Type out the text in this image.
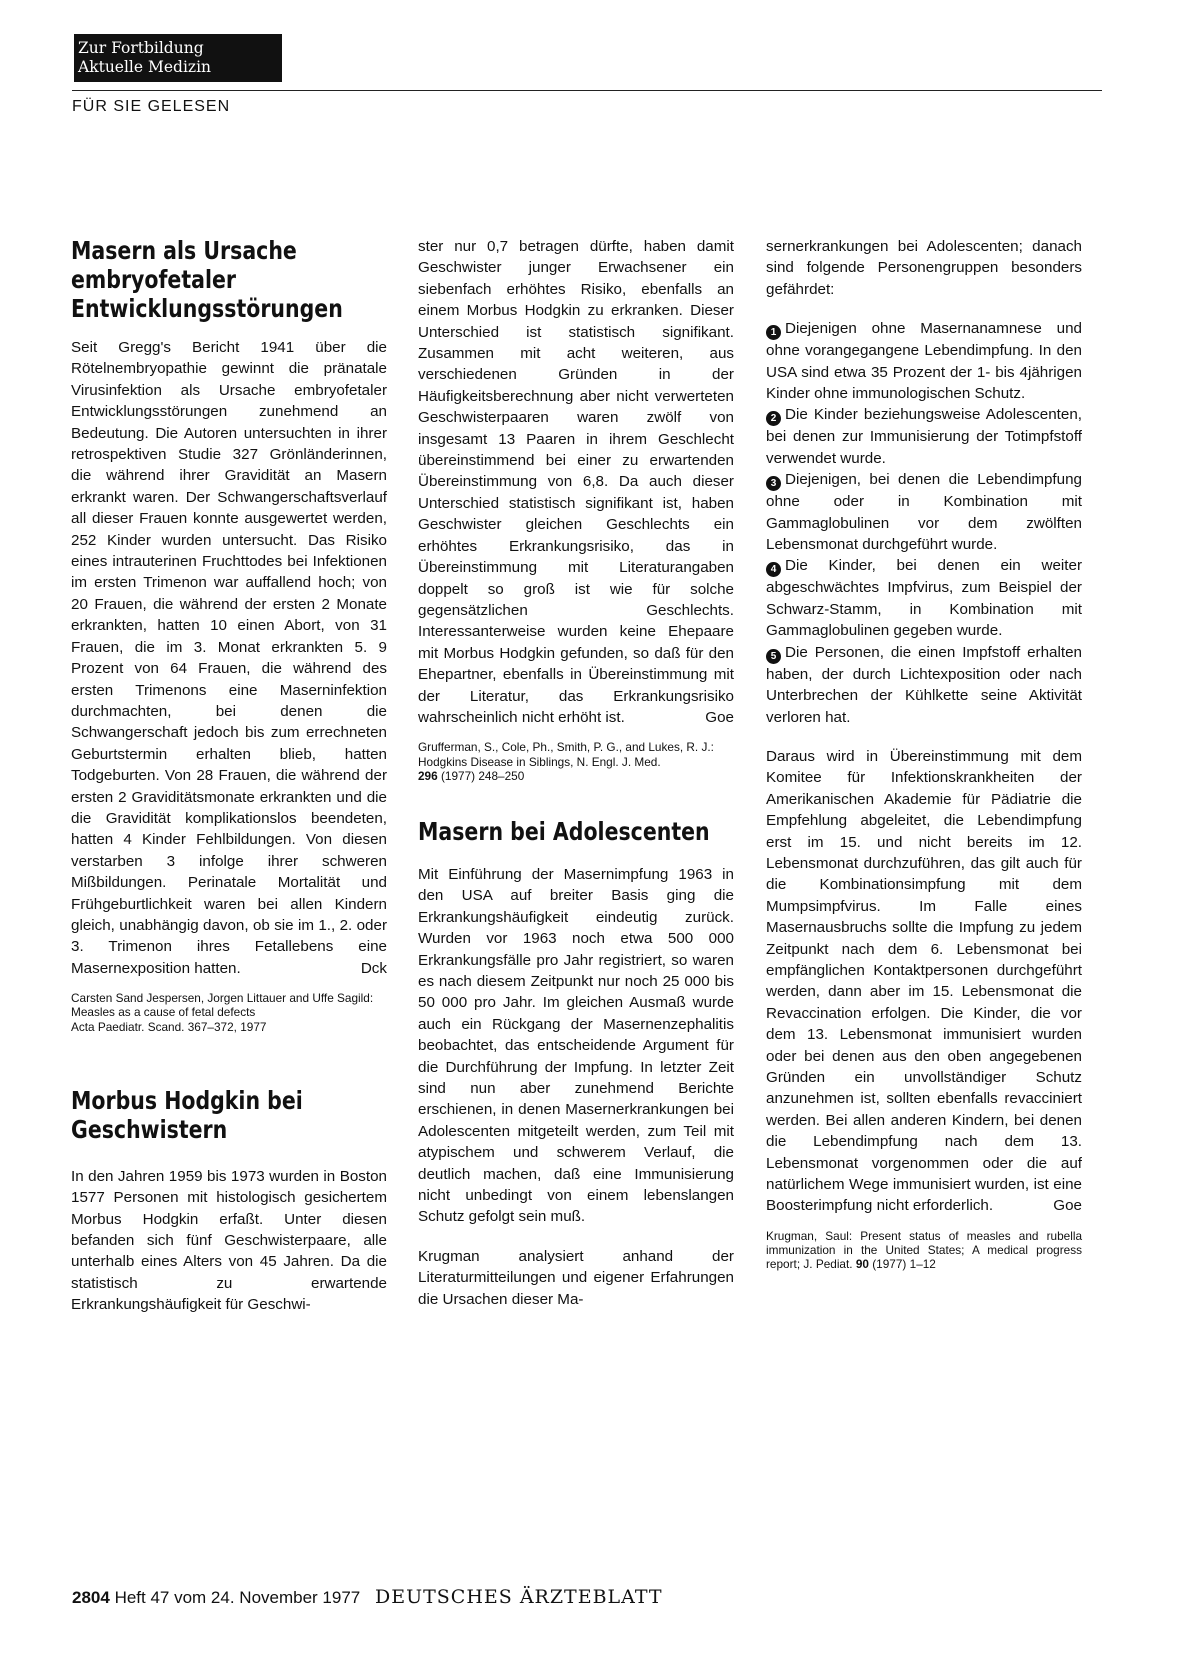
Zur Fortbildung
Aktuelle Medizin
FÜR SIE GELESEN
Masern als Ursache embryofetaler Entwicklungsstörungen

Seit Gregg's Bericht 1941 über die Rötelnembryopathie gewinnt die pränatale Virusinfektion als Ursache embryofetaler Entwicklungsstörungen zunehmend an Bedeutung. Die Autoren untersuchten in ihrer retrospektiven Studie 327 Grönländerinnen, die während ihrer Gravidität an Masern erkrankt waren. Der Schwangerschaftsverlauf all dieser Frauen konnte ausgewertet werden, 252 Kinder wurden untersucht. Das Risiko eines intrauterinen Fruchttodes bei Infektionen im ersten Trimenon war auffallend hoch; von 20 Frauen, die während der ersten 2 Monate erkrankten, hatten 10 einen Abort, von 31 Frauen, die im 3. Monat erkrankten 5. 9 Prozent von 64 Frauen, die während des ersten Trimenons eine Maserninfektion durchmachten, bei denen die Schwangerschaft jedoch bis zum errechneten Geburtstermin erhalten blieb, hatten Todgeburten. Von 28 Frauen, die während der ersten 2 Graviditätsmonate erkrankten und die die Gravidität komplikationslos beendeten, hatten 4 Kinder Fehlbildungen. Von diesen verstarben 3 infolge ihrer schweren Mißbildungen. Perinatale Mortalität und Frühgeburtlichkeit waren bei allen Kindern gleich, unabhängig davon, ob sie im 1., 2. oder 3. Trimenon ihres Fetallebens eine Masernexposition hatten.	Dck

Carsten Sand Jespersen, Jorgen Littauer and Uffe Sagild:

Measles as a cause of fetal defects

Acta Paediatr. Scand. 367–372, 1977

Morbus Hodgkin bei Geschwistern

In den Jahren 1959 bis 1973 wurden in Boston 1577 Personen mit histologisch gesichertem Morbus Hodgkin erfaßt. Unter diesen befanden sich fünf Geschwisterpaare, alle unterhalb eines Alters von 45 Jahren. Da die statistisch zu erwartende Erkrankungshäufigkeit für Geschwi-

ster nur 0,7 betragen dürfte, haben damit Geschwister junger Erwachsener ein siebenfach erhöhtes Risiko, ebenfalls an einem Morbus Hodgkin zu erkranken. Dieser Unterschied ist statistisch signifikant. Zusammen mit acht weiteren, aus verschiedenen Gründen in der Häufigkeitsberechnung aber nicht verwerteten Geschwisterpaaren waren zwölf von insgesamt 13 Paaren in ihrem Geschlecht übereinstimmend bei einer zu erwartenden Übereinstimmung von 6,8. Da auch dieser Unterschied statistisch signifikant ist, haben Geschwister gleichen Geschlechts ein erhöhtes Erkrankungsrisiko, das in Übereinstimmung mit Literaturangaben doppelt so groß ist wie für solche gegensätzlichen Geschlechts. Interessanterweise wurden keine Ehepaare mit Morbus Hodgkin gefunden, so daß für den Ehepartner, ebenfalls in Übereinstimmung mit der Literatur, das Erkrankungsrisiko wahrscheinlich nicht erhöht ist.	Goe

Grufferman, S., Cole, Ph., Smith, P. G., and Lukes, R. J.:

Hodgkins Disease in Siblings, N. Engl. J. Med.

296 (1977) 248–250

Masern bei Adolescenten

Mit Einführung der Masernimpfung 1963 in den USA auf breiter Basis ging die Erkrankungshäufigkeit eindeutig zurück. Wurden vor 1963 noch etwa 500 000 Erkrankungsfälle pro Jahr registriert, so waren es nach diesem Zeitpunkt nur noch 25 000 bis 50 000 pro Jahr. Im gleichen Ausmaß wurde auch ein Rückgang der Masernenzephalitis beobachtet, das entscheidende Argument für die Durchführung der Impfung. In letzter Zeit sind nun aber zunehmend Berichte erschienen, in denen Masernerkrankungen bei Adolescenten mitgeteilt werden, zum Teil mit atypischem und schwerem Verlauf, die deutlich machen, daß eine Immunisierung nicht unbedingt von einem lebenslangen Schutz gefolgt sein muß.

Krugman analysiert anhand der Literaturmitteilungen und eigener Erfahrungen die Ursachen dieser Ma-

sernerkrankungen bei Adolescenten; danach sind folgende Personengruppen besonders gefährdet:

1 Diejenigen ohne Masernanamnese und ohne vorangegangene Lebendimpfung. In den USA sind etwa 35 Prozent der 1- bis 4jährigen Kinder ohne immunologischen Schutz.

2 Die Kinder beziehungsweise Adolescenten, bei denen zur Immunisierung der Totimpfstoff verwendet wurde.

3 Diejenigen, bei denen die Lebendimpfung ohne oder in Kombination mit Gammaglobulinen vor dem zwölften Lebensmonat durchgeführt wurde.

4 Die Kinder, bei denen ein weiter abgeschwächtes Impfvirus, zum Beispiel der Schwarz-Stamm, in Kombination mit Gammaglobulinen gegeben wurde.

5 Die Personen, die einen Impfstoff erhalten haben, der durch Lichtexposition oder nach Unterbrechen der Kühlkette seine Aktivität verloren hat.

Daraus wird in Übereinstimmung mit dem Komitee für Infektionskrankheiten der Amerikanischen Akademie für Pädiatrie die Empfehlung abgeleitet, die Lebendimpfung erst im 15. und nicht bereits im 12. Lebensmonat durchzuführen, das gilt auch für die Kombinationsimpfung mit dem Mumpsimpfvirus. Im Falle eines Masernausbruchs sollte die Impfung zu jedem Zeitpunkt nach dem 6. Lebensmonat bei empfänglichen Kontaktpersonen durchgeführt werden, dann aber im 15. Lebensmonat die Revaccination erfolgen. Die Kinder, die vor dem 13. Lebensmonat immunisiert wurden oder bei denen aus den oben angegebenen Gründen ein unvollständiger Schutz anzunehmen ist, sollten ebenfalls revacciniert werden. Bei allen anderen Kindern, bei denen die Lebendimpfung nach dem 13. Lebensmonat vorgenommen oder die auf natürlichem Wege immunisiert wurden, ist eine Boosterimpfung nicht erforderlich.	Goe

Krugman, Saul: Present status of measles and rubella immunization in the United States; A medical progress report; J. Pediat. 90 (1977) 1–12

2804 Heft 47 vom 24. November 1977 DEUTSCHES ÄRZTEBLATT
